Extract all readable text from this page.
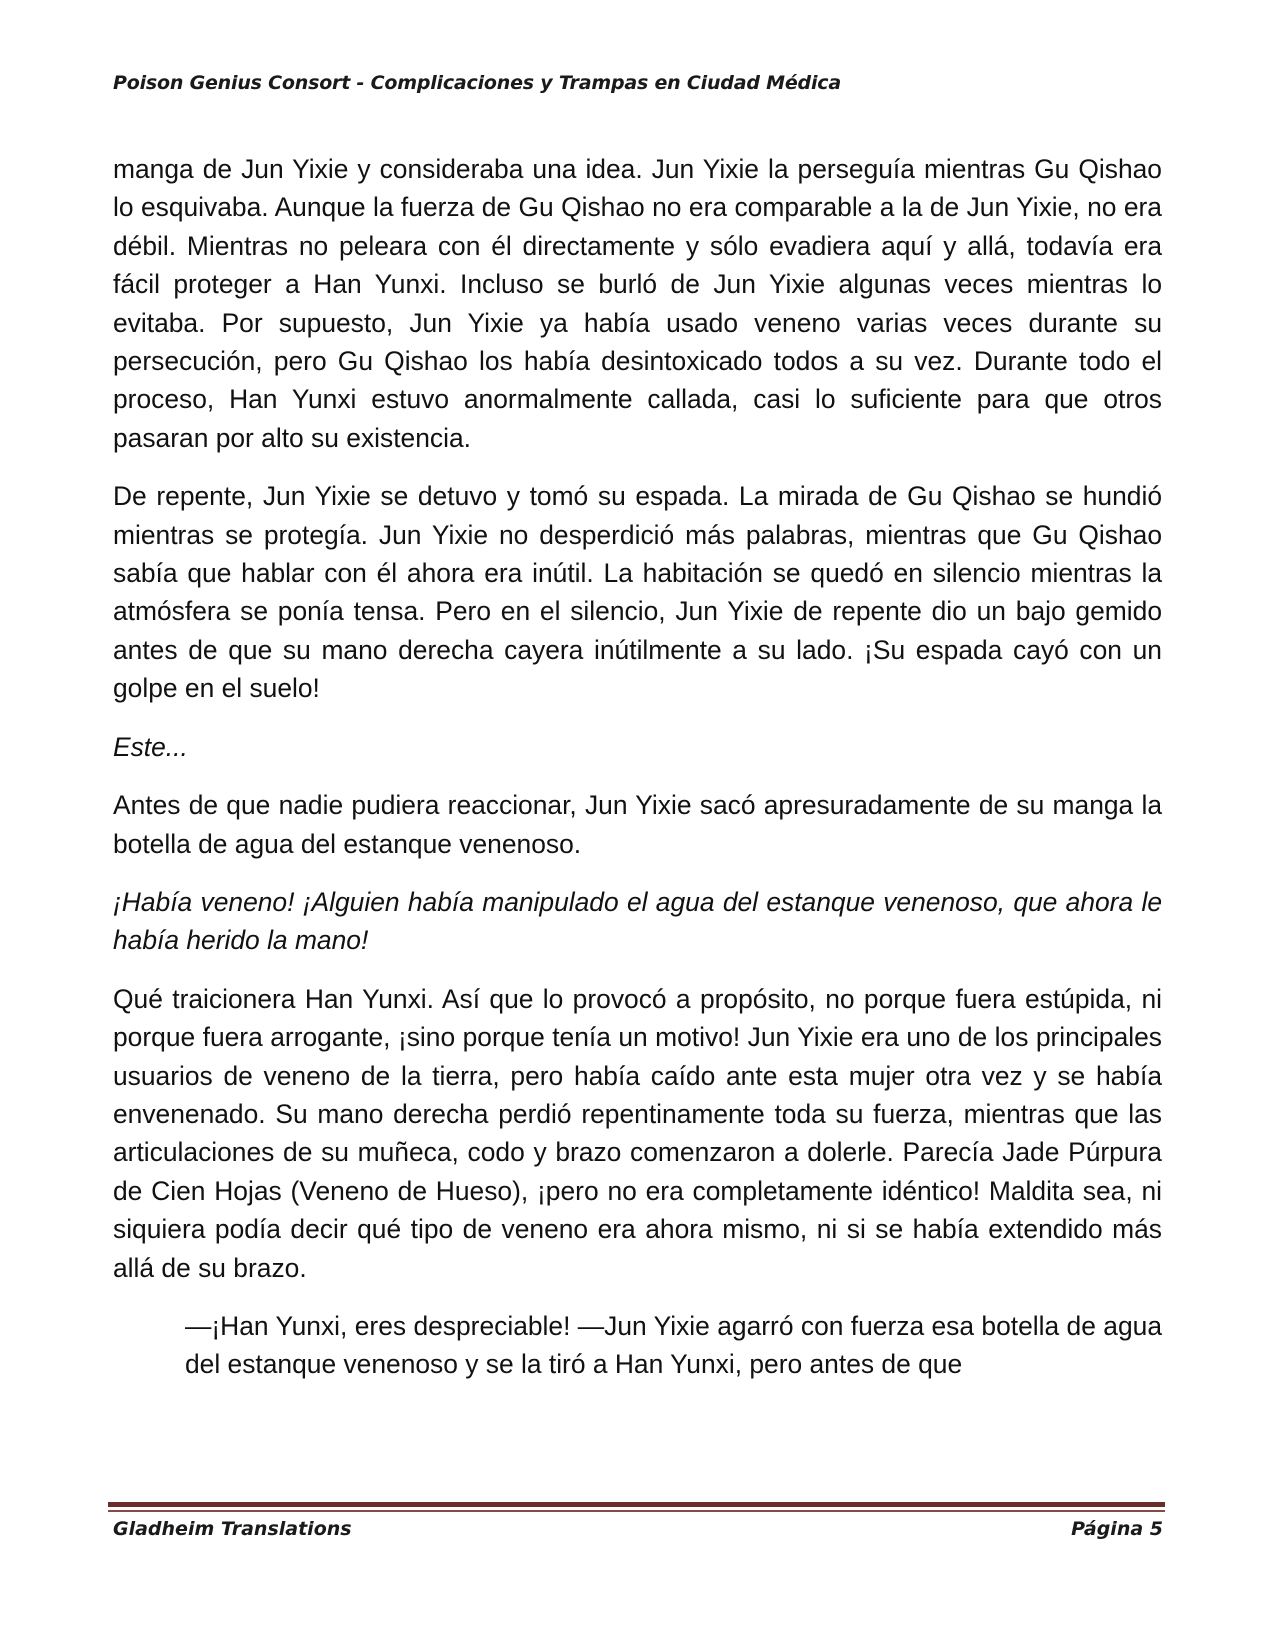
Poison Genius Consort - Complicaciones y Trampas en Ciudad Médica

manga de Jun Yixie y consideraba una idea. Jun Yixie la perseguía mientras Gu Qishao lo esquivaba. Aunque la fuerza de Gu Qishao no era comparable a la de Jun Yixie, no era débil. Mientras no peleara con él directamente y sólo evadiera aquí y allá, todavía era fácil proteger a Han Yunxi. Incluso se burló de Jun Yixie algunas veces mientras lo evitaba. Por supuesto, Jun Yixie ya había usado veneno varias veces durante su persecución, pero Gu Qishao los había desintoxicado todos a su vez. Durante todo el proceso, Han Yunxi estuvo anormalmente callada, casi lo suficiente para que otros pasaran por alto su existencia.

De repente, Jun Yixie se detuvo y tomó su espada. La mirada de Gu Qishao se hundió mientras se protegía. Jun Yixie no desperdició más palabras, mientras que Gu Qishao sabía que hablar con él ahora era inútil. La habitación se quedó en silencio mientras la atmósfera se ponía tensa. Pero en el silencio, Jun Yixie de repente dio un bajo gemido antes de que su mano derecha cayera inútilmente a su lado. ¡Su espada cayó con un golpe en el suelo!

Este...

Antes de que nadie pudiera reaccionar, Jun Yixie sacó apresuradamente de su manga la botella de agua del estanque venenoso.

¡Había veneno! ¡Alguien había manipulado el agua del estanque venenoso, que ahora le había herido la mano!

Qué traicionera Han Yunxi. Así que lo provocó a propósito, no porque fuera estúpida, ni porque fuera arrogante, ¡sino porque tenía un motivo! Jun Yixie era uno de los principales usuarios de veneno de la tierra, pero había caído ante esta mujer otra vez y se había envenenado. Su mano derecha perdió repentinamente toda su fuerza, mientras que las articulaciones de su muñeca, codo y brazo comenzaron a dolerle. Parecía Jade Púrpura de Cien Hojas (Veneno de Hueso), ¡pero no era completamente idéntico! Maldita sea, ni siquiera podía decir qué tipo de veneno era ahora mismo, ni si se había extendido más allá de su brazo.

—¡Han Yunxi, eres despreciable! —Jun Yixie agarró con fuerza esa botella de agua del estanque venenoso y se la tiró a Han Yunxi, pero antes de que

Gladheim Translations	Página 5
